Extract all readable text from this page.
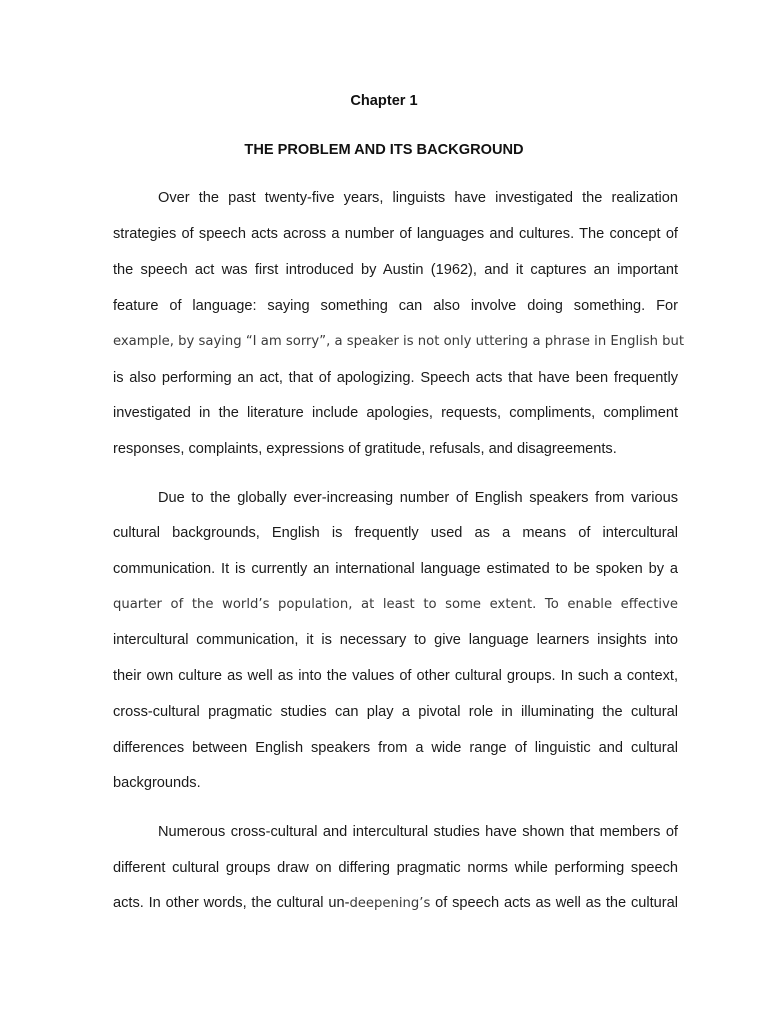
Chapter 1
THE PROBLEM AND ITS BACKGROUND
Over the past twenty-five years, linguists have investigated the realization
strategies of speech acts across a number of languages and cultures. The concept of
the speech act was first introduced by Austin (1962), and it captures an important
feature of language: saying something can also involve doing something. For
example, by saying “I am sorry”, a speaker is not only uttering a phrase in English but
is also performing an act, that of apologizing. Speech acts that have been frequently
investigated in the literature include apologies, requests, compliments, compliment
responses, complaints, expressions of gratitude, refusals, and disagreements.
Due to the globally ever-increasing number of English speakers from various
cultural backgrounds, English is frequently used as a means of intercultural
communication. It is currently an international language estimated to be spoken by a
quarter of the world’s population, at least to some extent. To enable effective
intercultural communication, it is necessary to give language learners insights into
their own culture as well as into the values of other cultural groups. In such a context,
cross-cultural pragmatic studies can play a pivotal role in illuminating the cultural
differences between English speakers from a wide range of linguistic and cultural
backgrounds.
Numerous cross-cultural and intercultural studies have shown that members of
different cultural groups draw on differing pragmatic norms while performing speech
acts. In other words, the cultural un-deepening’s of speech acts as well as the cultural
